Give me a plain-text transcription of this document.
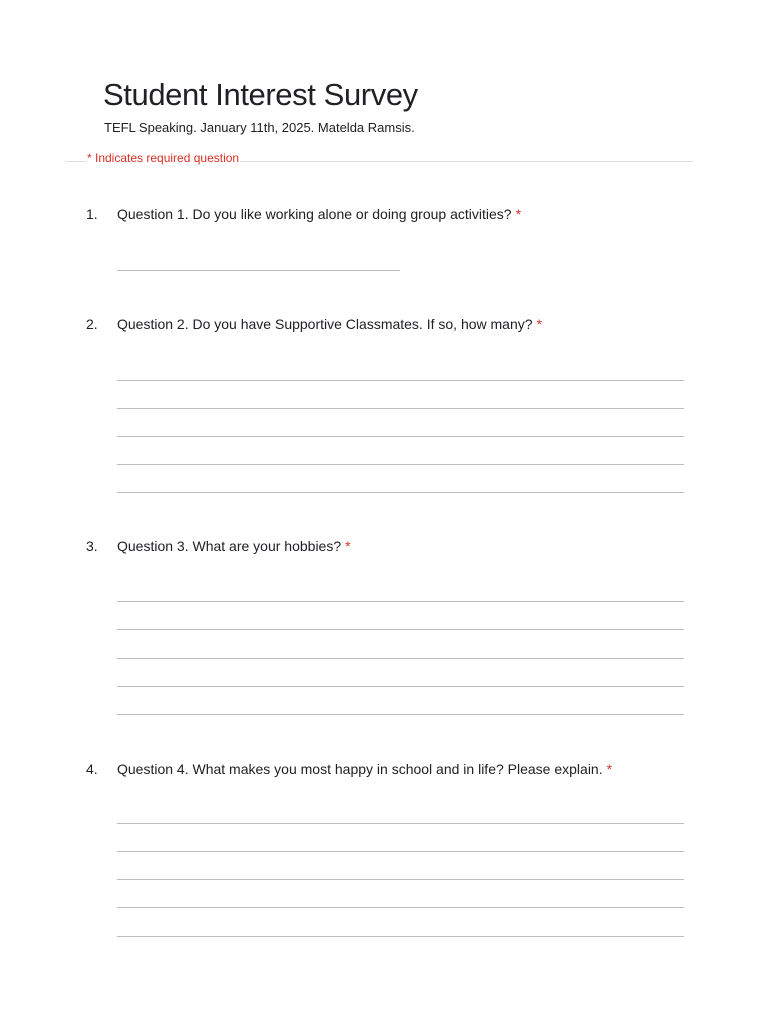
Student Interest Survey
TEFL Speaking. January 11th, 2025. Matelda Ramsis.
* Indicates required question
1. Question 1. Do you like working alone or doing group activities? *
2. Question 2. Do you have Supportive Classmates. If so, how many? *
3. Question 3. What are your hobbies? *
4. Question 4. What makes you most happy in school and in life? Please explain. *
